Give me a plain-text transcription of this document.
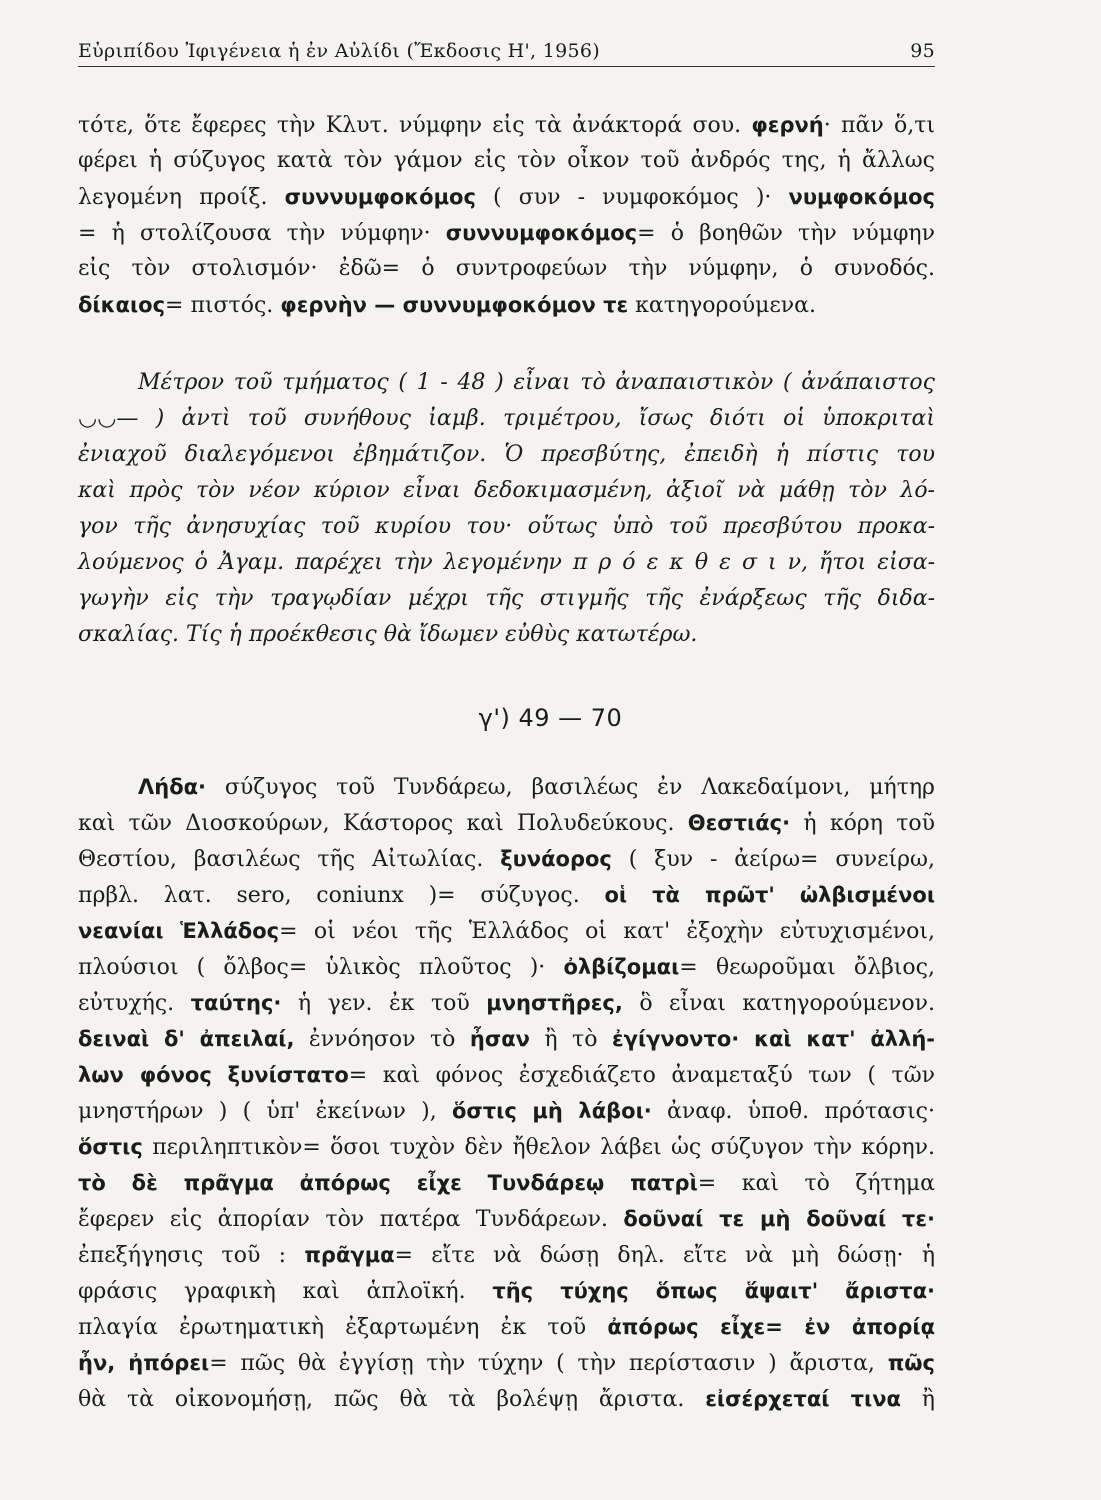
Εὐριπίδου Ἰφιγένεια ἡ ἐν Αὐλίδι (Ἔκδοσις Η', 1956)	95
τότε, ὅτε ἔφερες τὴν Κλυτ. νύμφην εἰς τὰ ἀνάκτορά σου. φερνή· πᾶν ὅ,τι
φέρει ἡ σύζυγος κατὰ τὸν γάμον εἰς τὸν οἶκον τοῦ ἀνδρός της, ἡ ἄλλως
λεγομένη προίξ. συννυμφοκόμος ( συν - νυμφοκόμος )· νυμφοκόμος
= ἡ στολίζουσα τὴν νύμφην· συννυμφοκόμος= ὁ βοηθῶν τὴν νύμφην
εἰς τὸν στολισμόν· ἐδῶ= ὁ συντροφεύων τὴν νύμφην, ὁ συνοδός.
δίκαιος= πιστός. φερνὴν — συννυμφοκόμον τε κατηγορούμενα.
Μέτρον τοῦ τμήματος ( 1 - 48 ) εἶναι τὸ ἀναπαιστικὸν ( ἀνάπαιστος
◡◡— ) ἀντὶ τοῦ συνήθους ἰαμβ. τριμέτρου, ἴσως διότι οἱ ὑποκριταὶ
ἐνιαχοῦ διαλεγόμενοι ἐβημάτιζον. Ὁ πρεσβύτης, ἐπειδὴ ἡ πίστις του
καὶ πρὸς τὸν νέον κύριον εἶναι δεδοκιμασμένη, ἀξιοῖ νὰ μάθῃ τὸν λό-
γον τῆς ἀνησυχίας τοῦ κυρίου του· οὕτως ὑπὸ τοῦ πρεσβύτου προκα-
λούμενος ὁ Ἀγαμ. παρέχει τὴν λεγομένην π ρ ό ε κ θ ε σ ι ν, ἤτοι εἰσα-
γωγὴν εἰς τὴν τραγῳδίαν μέχρι τῆς στιγμῆς τῆς ἐνάρξεως τῆς διδα-
σκαλίας. Τίς ἡ προέκθεσις θὰ ἴδωμεν εὐθὺς κατωτέρω.
γ') 49 — 70
Λήδα· σύζυγος τοῦ Τυνδάρεω, βασιλέως ἐν Λακεδαίμονι, μήτηρ
καὶ τῶν Διοσκούρων, Κάστορος καὶ Πολυδεύκους. Θεστιάς· ἡ κόρη τοῦ
Θεστίου, βασιλέως τῆς Αἰτωλίας. ξυνάορος ( ξυν - ἀείρω= συνείρω,
πρβλ. λατ. sero, coniunx )= σύζυγος. οἱ τὰ πρῶτ' ὠλβισμένοι
νεανίαι Ἑλλάδος= οἱ νέοι τῆς Ἑλλάδος οἱ κατ' ἐξοχὴν εὐτυχισμένοι,
πλούσιοι ( ὄλβος= ὑλικὸς πλοῦτος )· ὀλβίζομαι= θεωροῦμαι ὄλβιος,
εὐτυχής. ταύτης· ἡ γεν. ἐκ τοῦ μνηστῆρες, ὃ εἶναι κατηγορούμενον.
δειναὶ δ' ἀπειλαί, ἐννόησον τὸ ἦσαν ἢ τὸ ἐγίγνοντο· καὶ κατ' ἀλλή-
λων φόνος ξυνίστατο= καὶ φόνος ἐσχεδιάζετο ἀναμεταξύ των ( τῶν
μνηστήρων ) ( ὑπ' ἐκείνων ), ὅστις μὴ λάβοι· ἀναφ. ὑποθ. πρότασις·
ὅστις περιληπτικὸν= ὅσοι τυχὸν δὲν ἤθελον λάβει ὡς σύζυγον τὴν κόρην.
τὸ δὲ πρᾶγμα ἀπόρως εἶχε Τυνδάρεῳ πατρὶ= καὶ τὸ ζήτημα
ἔφερεν εἰς ἀπορίαν τὸν πατέρα Τυνδάρεων. δοῦναί τε μὴ δοῦναί τε·
ἐπεξήγησις τοῦ : πρᾶγμα= εἴτε νὰ δώσῃ δηλ. εἴτε νὰ μὴ δώσῃ· ἡ
φράσις γραφικὴ καὶ ἁπλοϊκή. τῆς τύχης ὅπως ἅψαιτ' ἄριστα·
πλαγία ἐρωτηματικὴ ἐξαρτωμένη ἐκ τοῦ ἀπόρως εἶχε= ἐν ἀπορίᾳ
ἦν, ἠπόρει= πῶς θὰ ἐγγίσῃ τὴν τύχην ( τὴν περίστασιν ) ἄριστα, πῶς
θὰ τὰ οἰκονομήσῃ, πῶς θὰ τὰ βολέψῃ ἄριστα. εἰσέρχεταί τινα ἢ
